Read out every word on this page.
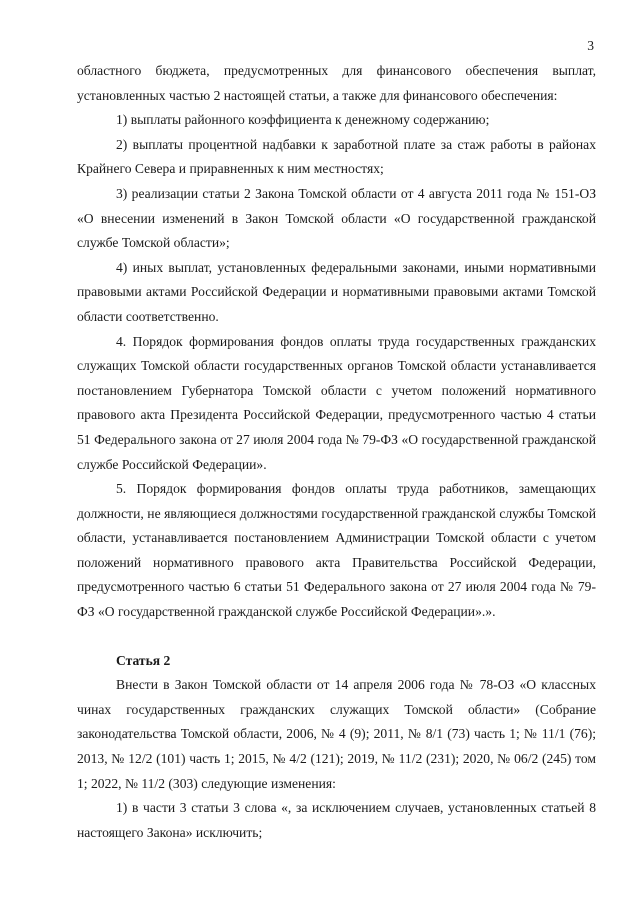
3

областного бюджета, предусмотренных для финансового обеспечения выплат, установленных частью 2 настоящей статьи, а также для финансового обеспечения:

1) выплаты районного коэффициента к денежному содержанию;

2) выплаты процентной надбавки к заработной плате за стаж работы в районах Крайнего Севера и приравненных к ним местностях;

3) реализации статьи 2 Закона Томской области от 4 августа 2011 года № 151-ОЗ «О внесении изменений в Закон Томской области «О государственной гражданской службе Томской области»;

4) иных выплат, установленных федеральными законами, иными нормативными правовыми актами Российской Федерации и нормативными правовыми актами Томской области соответственно.

4. Порядок формирования фондов оплаты труда государственных гражданских служащих Томской области государственных органов Томской области устанавливается постановлением Губернатора Томской области с учетом положений нормативного правового акта Президента Российской Федерации, предусмотренного частью 4 статьи 51 Федерального закона от 27 июля 2004 года № 79-ФЗ «О государственной гражданской службе Российской Федерации».

5. Порядок формирования фондов оплаты труда работников, замещающих должности, не являющиеся должностями государственной гражданской службы Томской области, устанавливается постановлением Администрации Томской области с учетом положений нормативного правового акта Правительства Российской Федерации, предусмотренного частью 6 статьи 51 Федерального закона от 27 июля 2004 года № 79-ФЗ «О государственной гражданской службе Российской Федерации».».

Статья 2

Внести в Закон Томской области от 14 апреля 2006 года № 78-ОЗ «О классных чинах государственных гражданских служащих Томской области» (Собрание законодательства Томской области, 2006, № 4 (9); 2011, № 8/1 (73) часть 1; № 11/1 (76); 2013, № 12/2 (101) часть 1; 2015, № 4/2 (121); 2019, № 11/2 (231); 2020, № 06/2 (245) том 1; 2022, № 11/2 (303) следующие изменения:

1) в части 3 статьи 3 слова «, за исключением случаев, установленных статьей 8 настоящего Закона» исключить;
